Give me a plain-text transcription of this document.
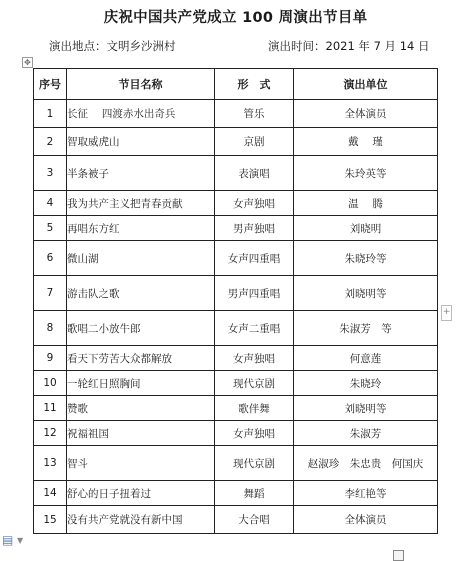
庆祝中国共产党成立 100 周演出节目单
演出地点：文明乡沙洲村	演出时间：2021 年 7 月 14 日
✥
序号	节目名称	形　式	演出单位
1	长征　 四渡赤水出奇兵	管乐	全体演员
2	智取威虎山	京剧	戴　 瑾
3	半条被子	表演唱	朱玲英等
4	我为共产主义把青春贡献	女声独唱	温　 腾
5	再唱东方红	男声独唱	刘晓明
6	微山湖	女声四重唱	朱晓玲等
7	游击队之歌	男声四重唱	刘晓明等
8	歌唱二小放牛郎	女声二重唱	朱淑芳　等
9	看天下劳苦大众都解放	女声独唱	何意莲
10	一轮红日照胸间	现代京剧	朱晓玲
11	赞歌	歌伴舞	刘晓明等
12	祝福祖国	女声独唱	朱淑芳
13	智斗	现代京剧	赵淑珍　朱忠贵　何国庆
14	舒心的日子扭着过	舞蹈	李红艳等
15	没有共产党就没有新中国	大合唱	全体演员
+
▤ ▼
